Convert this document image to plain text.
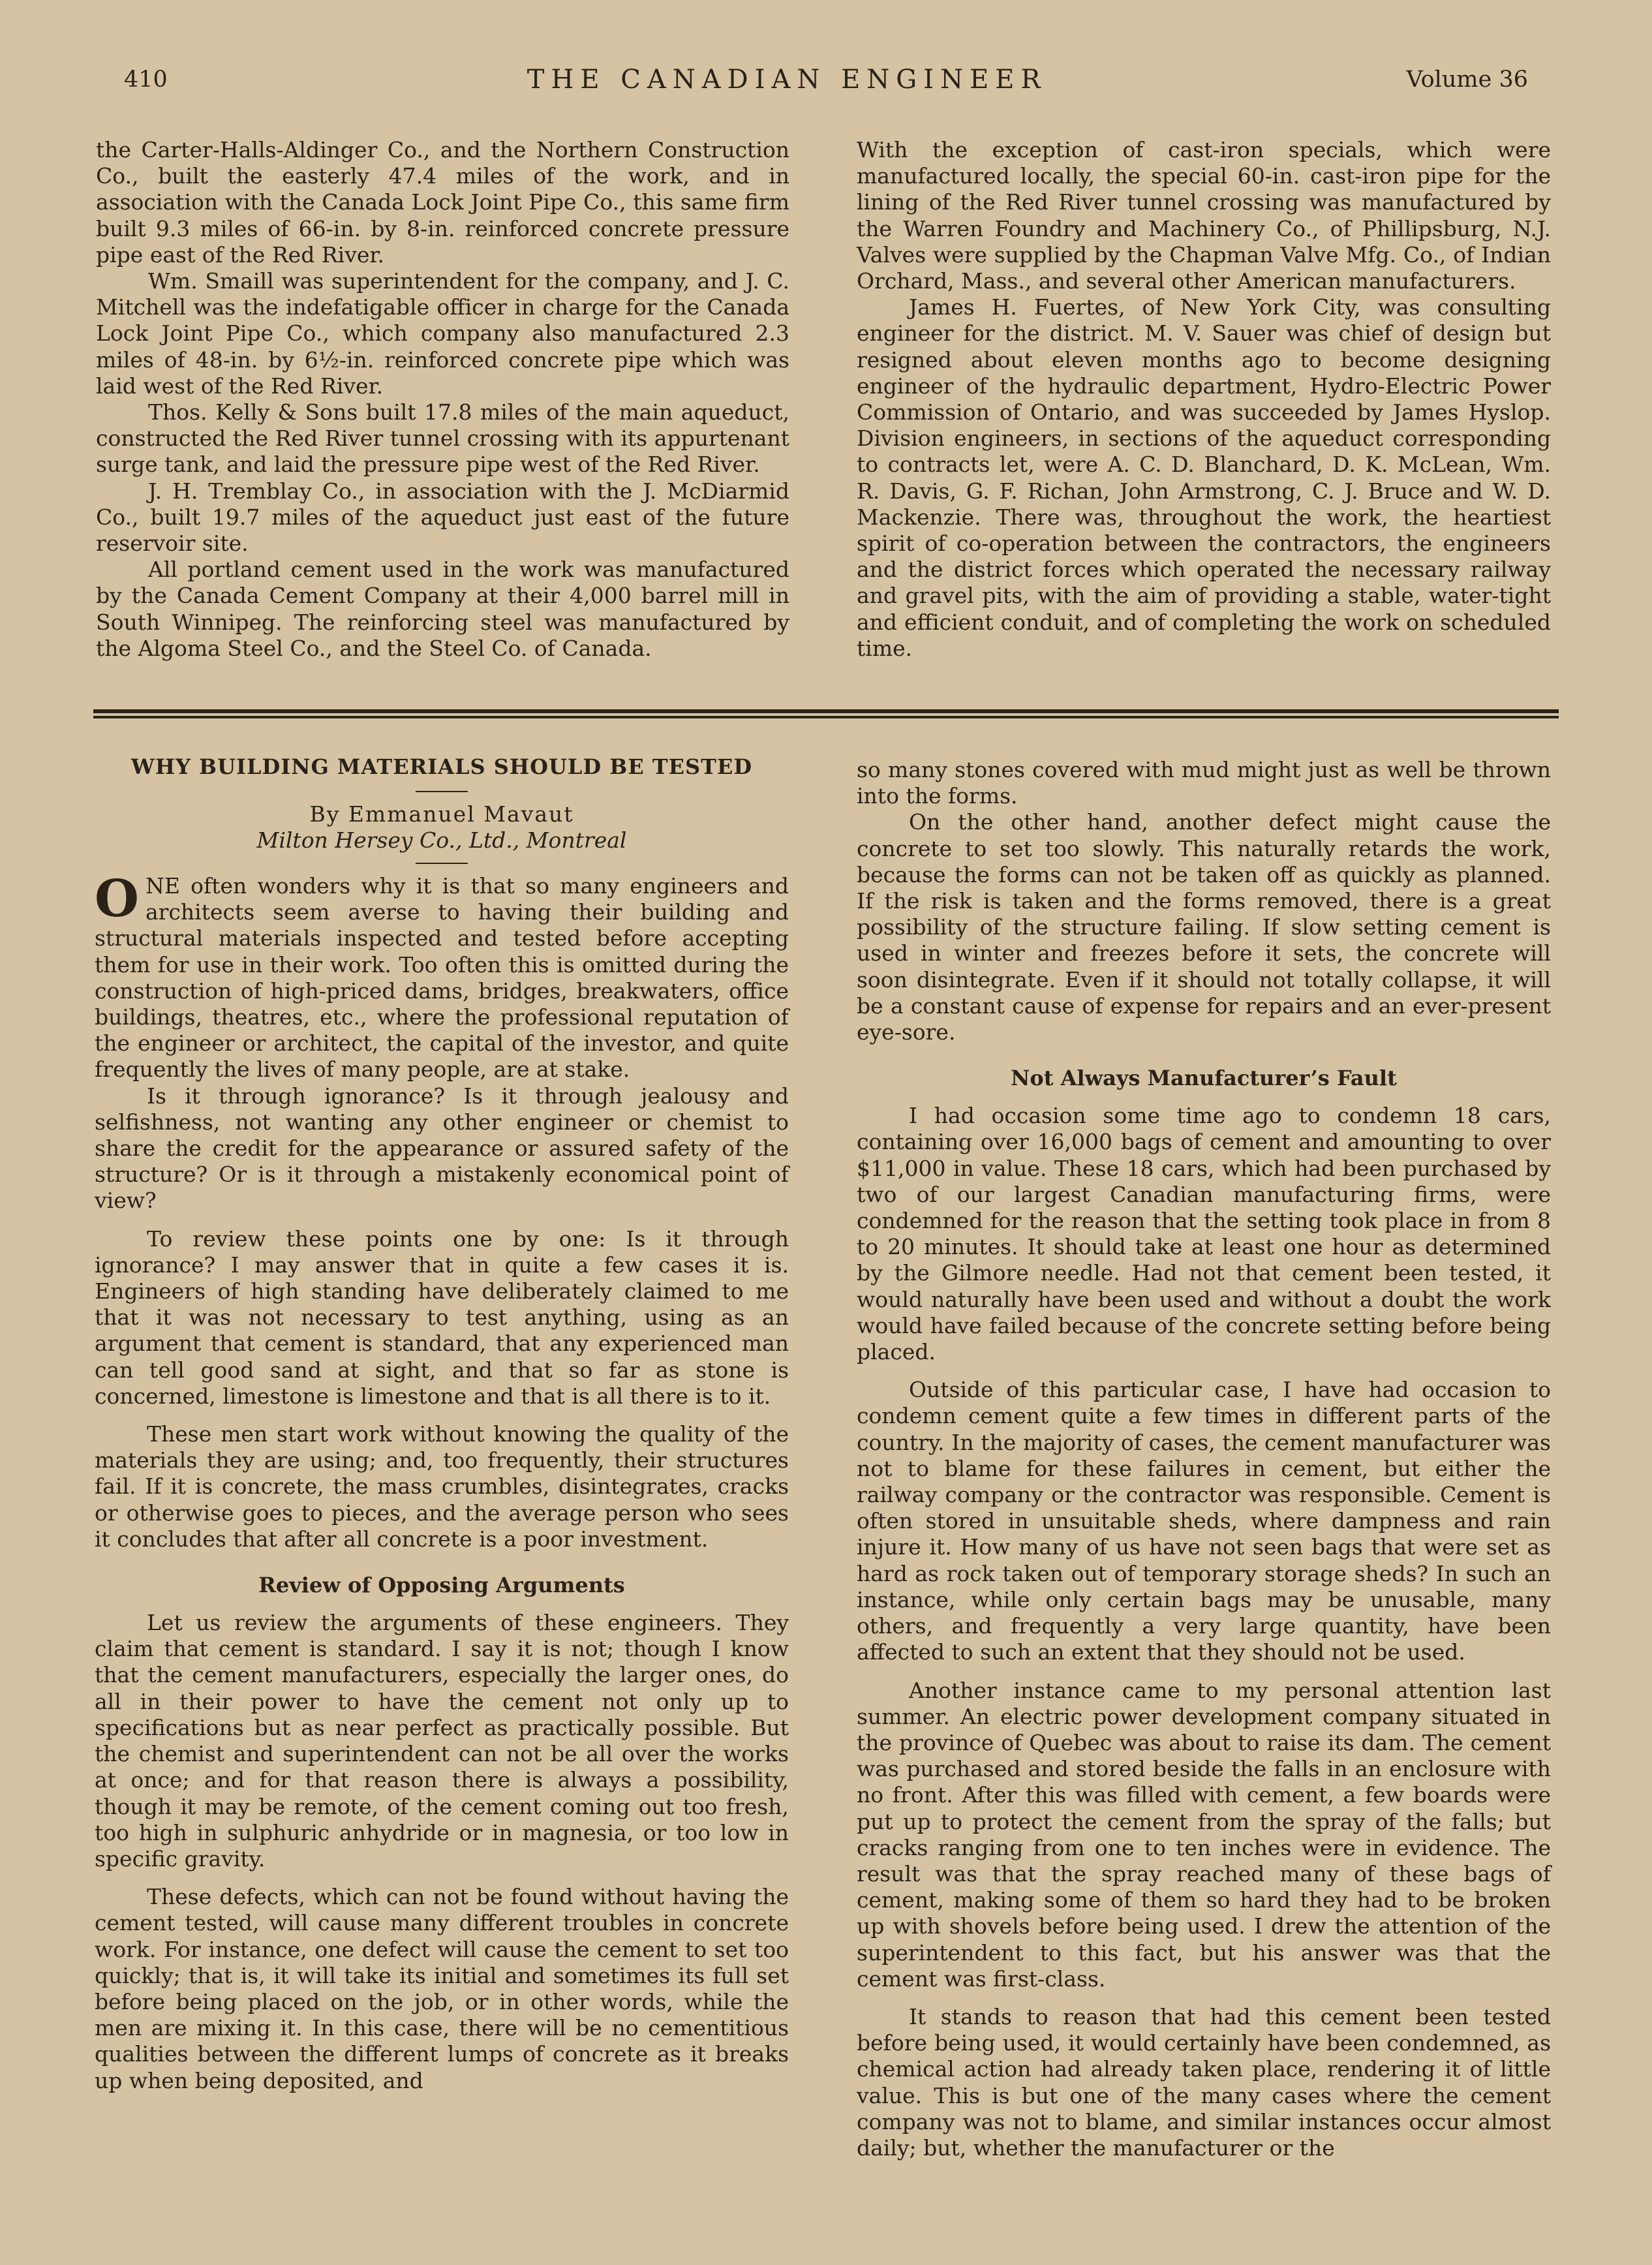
410	THE CANADIAN ENGINEER	Volume 36

the Carter-Halls-Aldinger Co., and the Northern Construction Co., built the easterly 47.4 miles of the work, and in association with the Canada Lock Joint Pipe Co., this same firm built 9.3 miles of 66-in. by 8-in. reinforced concrete pressure pipe east of the Red River.

Wm. Smaill was superintendent for the company, and J. C. Mitchell was the indefatigable officer in charge for the Canada Lock Joint Pipe Co., which company also manufactured 2.3 miles of 48-in. by 6½-in. reinforced concrete pipe which was laid west of the Red River.

Thos. Kelly & Sons built 17.8 miles of the main aqueduct, constructed the Red River tunnel crossing with its appurtenant surge tank, and laid the pressure pipe west of the Red River.

J. H. Tremblay Co., in association with the J. McDiarmid Co., built 19.7 miles of the aqueduct just east of the future reservoir site.

All portland cement used in the work was manufactured by the Canada Cement Company at their 4,000 barrel mill in South Winnipeg. The reinforcing steel was manufactured by the Algoma Steel Co., and the Steel Co. of Canada.

With the exception of cast-iron specials, which were manufactured locally, the special 60-in. cast-iron pipe for the lining of the Red River tunnel crossing was manufactured by the Warren Foundry and Machinery Co., of Phillipsburg, N.J. Valves were supplied by the Chapman Valve Mfg. Co., of Indian Orchard, Mass., and several other American manufacturers.

James H. Fuertes, of New York City, was consulting engineer for the district. M. V. Sauer was chief of design but resigned about eleven months ago to become designing engineer of the hydraulic department, Hydro-Electric Power Commission of Ontario, and was succeeded by James Hyslop. Division engineers, in sections of the aqueduct corresponding to contracts let, were A. C. D. Blanchard, D. K. McLean, Wm. R. Davis, G. F. Richan, John Armstrong, C. J. Bruce and W. D. Mackenzie. There was, throughout the work, the heartiest spirit of co-operation between the contractors, the engineers and the district forces which operated the necessary railway and gravel pits, with the aim of providing a stable, water-tight and efficient conduit, and of completing the work on scheduled time.

WHY BUILDING MATERIALS SHOULD BE TESTED
By Emmanuel Mavaut
Milton Hersey Co., Ltd., Montreal

ONE often wonders why it is that so many engineers and architects seem averse to having their building and structural materials inspected and tested before accepting them for use in their work. Too often this is omitted during the construction of high-priced dams, bridges, breakwaters, office buildings, theatres, etc., where the professional reputation of the engineer or architect, the capital of the investor, and quite frequently the lives of many people, are at stake.

Is it through ignorance? Is it through jealousy and selfishness, not wanting any other engineer or chemist to share the credit for the appearance or assured safety of the structure? Or is it through a mistakenly economical point of view?

To review these points one by one: Is it through ignorance? I may answer that in quite a few cases it is. Engineers of high standing have deliberately claimed to me that it was not necessary to test anything, using as an argument that cement is standard, that any experienced man can tell good sand at sight, and that so far as stone is concerned, limestone is limestone and that is all there is to it.

These men start work without knowing the quality of the materials they are using; and, too frequently, their structures fail. If it is concrete, the mass crumbles, disintegrates, cracks or otherwise goes to pieces, and the average person who sees it concludes that after all concrete is a poor investment.

Review of Opposing Arguments

Let us review the arguments of these engineers. They claim that cement is standard. I say it is not; though I know that the cement manufacturers, especially the larger ones, do all in their power to have the cement not only up to specifications but as near perfect as practically possible. But the chemist and superintendent can not be all over the works at once; and for that reason there is always a possibility, though it may be remote, of the cement coming out too fresh, too high in sulphuric anhydride or in magnesia, or too low in specific gravity.

These defects, which can not be found without having the cement tested, will cause many different troubles in concrete work. For instance, one defect will cause the cement to set too quickly; that is, it will take its initial and sometimes its full set before being placed on the job, or in other words, while the men are mixing it. In this case, there will be no cementitious qualities between the different lumps of concrete as it breaks up when being deposited, and

so many stones covered with mud might just as well be thrown into the forms.

On the other hand, another defect might cause the concrete to set too slowly. This naturally retards the work, because the forms can not be taken off as quickly as planned. If the risk is taken and the forms removed, there is a great possibility of the structure failing. If slow setting cement is used in winter and freezes before it sets, the concrete will soon disintegrate. Even if it should not totally collapse, it will be a constant cause of expense for repairs and an ever-present eye-sore.

Not Always Manufacturer’s Fault

I had occasion some time ago to condemn 18 cars, containing over 16,000 bags of cement and amounting to over $11,000 in value. These 18 cars, which had been purchased by two of our largest Canadian manufacturing firms, were condemned for the reason that the setting took place in from 8 to 20 minutes. It should take at least one hour as determined by the Gilmore needle. Had not that cement been tested, it would naturally have been used and without a doubt the work would have failed because of the concrete setting before being placed.

Outside of this particular case, I have had occasion to condemn cement quite a few times in different parts of the country. In the majority of cases, the cement manufacturer was not to blame for these failures in cement, but either the railway company or the contractor was responsible. Cement is often stored in unsuitable sheds, where dampness and rain injure it. How many of us have not seen bags that were set as hard as rock taken out of temporary storage sheds? In such an instance, while only certain bags may be unusable, many others, and frequently a very large quantity, have been affected to such an extent that they should not be used.

Another instance came to my personal attention last summer. An electric power development company situated in the province of Quebec was about to raise its dam. The cement was purchased and stored beside the falls in an enclosure with no front. After this was filled with cement, a few boards were put up to protect the cement from the spray of the falls; but cracks ranging from one to ten inches were in evidence. The result was that the spray reached many of these bags of cement, making some of them so hard they had to be broken up with shovels before being used. I drew the attention of the superintendent to this fact, but his answer was that the cement was first-class.

It stands to reason that had this cement been tested before being used, it would certainly have been condemned, as chemical action had already taken place, rendering it of little value. This is but one of the many cases where the cement company was not to blame, and similar instances occur almost daily; but, whether the manufacturer or the
